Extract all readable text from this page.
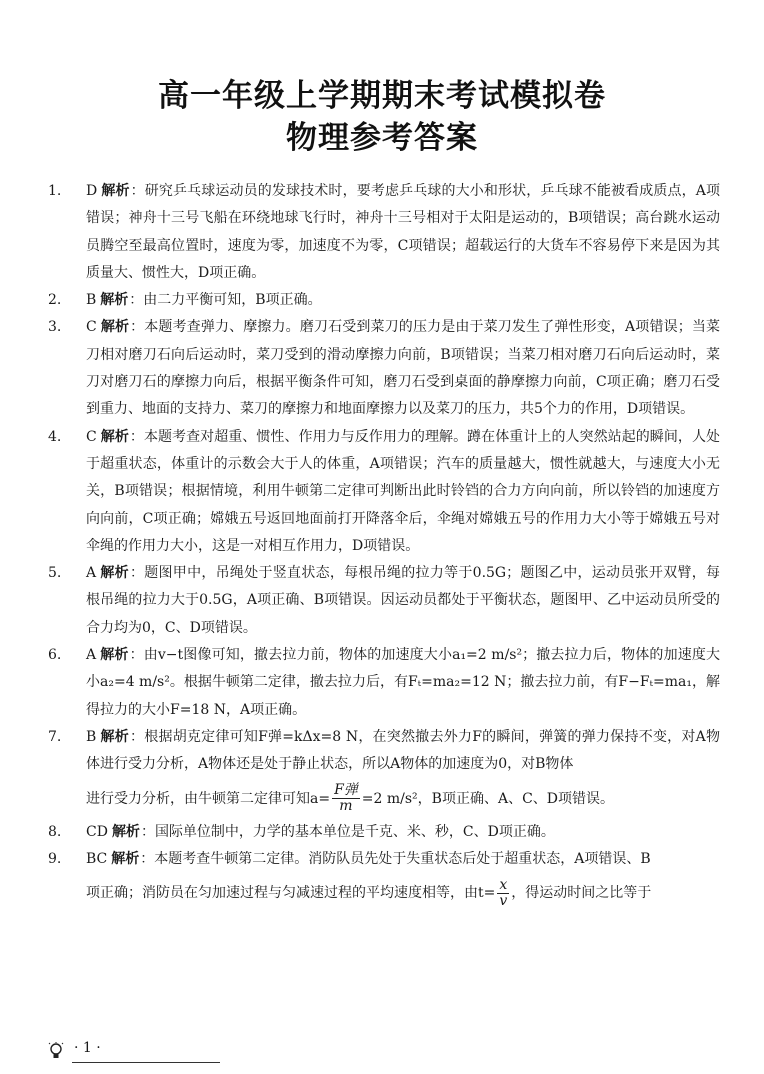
高一年级上学期期末考试模拟卷
物理参考答案
1. D 解析：研究乒乓球运动员的发球技术时，要考虑乒乓球的大小和形状，乒乓球不能被看成质点，A项错误；神舟十三号飞船在环绕地球飞行时，神舟十三号相对于太阳是运动的，B项错误；高台跳水运动员腾空至最高位置时，速度为零，加速度不为零，C项错误；超载运行的大货车不容易停下来是因为其质量大、惯性大，D项正确。
2. B 解析：由二力平衡可知，B项正确。
3. C 解析：本题考查弹力、摩擦力。磨刀石受到菜刀的压力是由于菜刀发生了弹性形变，A项错误；当菜刀相对磨刀石向后运动时，菜刀受到的滑动摩擦力向前，B项错误；当菜刀相对磨刀石向后运动时，菜刀对磨刀石的摩擦力向后，根据平衡条件可知，磨刀石受到桌面的静摩擦力向前，C项正确；磨刀石受到重力、地面的支持力、菜刀的摩擦力和地面摩擦力以及菜刀的压力，共5个力的作用，D项错误。
4. C 解析：本题考查对超重、惯性、作用力与反作用力的理解。蹲在体重计上的人突然站起的瞬间，人处于超重状态，体重计的示数会大于人的体重，A项错误；汽车的质量越大，惯性就越大，与速度大小无关，B项错误；根据情境，利用牛顿第二定律可判断出此时铃铛的合力方向向前，所以铃铛的加速度方向向前，C项正确；嫦娥五号返回地面前打开降落伞后，伞绳对嫦娥五号的作用力大小等于嫦娥五号对伞绳的作用力大小，这是一对相互作用力，D项错误。
5. A 解析：题图甲中，吊绳处于竖直状态，每根吊绳的拉力等于0.5G；题图乙中，运动员张开双臂，每根吊绳的拉力大于0.5G，A项正确、B项错误。因运动员都处于平衡状态，题图甲、乙中运动员所受的合力均为0，C、D项错误。
6. A 解析：由v−t图像可知，撤去拉力前，物体的加速度大小a₁=2 m/s²；撤去拉力后，物体的加速度大小a₂=4 m/s²。根据牛顿第二定律，撤去拉力后，有Fₜ=ma₂=12 N；撤去拉力前，有F−Fₜ=ma₁，解得拉力的大小F=18 N，A项正确。
7. B 解析：根据胡克定律可知F弹=kΔx=8 N，在突然撤去外力F的瞬间，弹簧的弹力保持不变，对A物体进行受力分析，A物体还是处于静止状态，所以A物体的加速度为0，对B物体
进行受力分析，由牛顿第二定律可知$a= \frac{\text{F弹}}{m} =2$ m/s²，B项正确、A、C、D项错误。
8. CD 解析：国际单位制中，力学的基本单位是千克、米、秒，C、D项正确。
9. BC 解析：本题考查牛顿第二定律。消防队员先处于失重状态后处于超重状态，A项错误、B
项正确；消防员在匀加速过程与匀减速过程的平均速度相等，由$t= \frac{x}{v}$ ，得运动时间之比等于
· 1 ·
